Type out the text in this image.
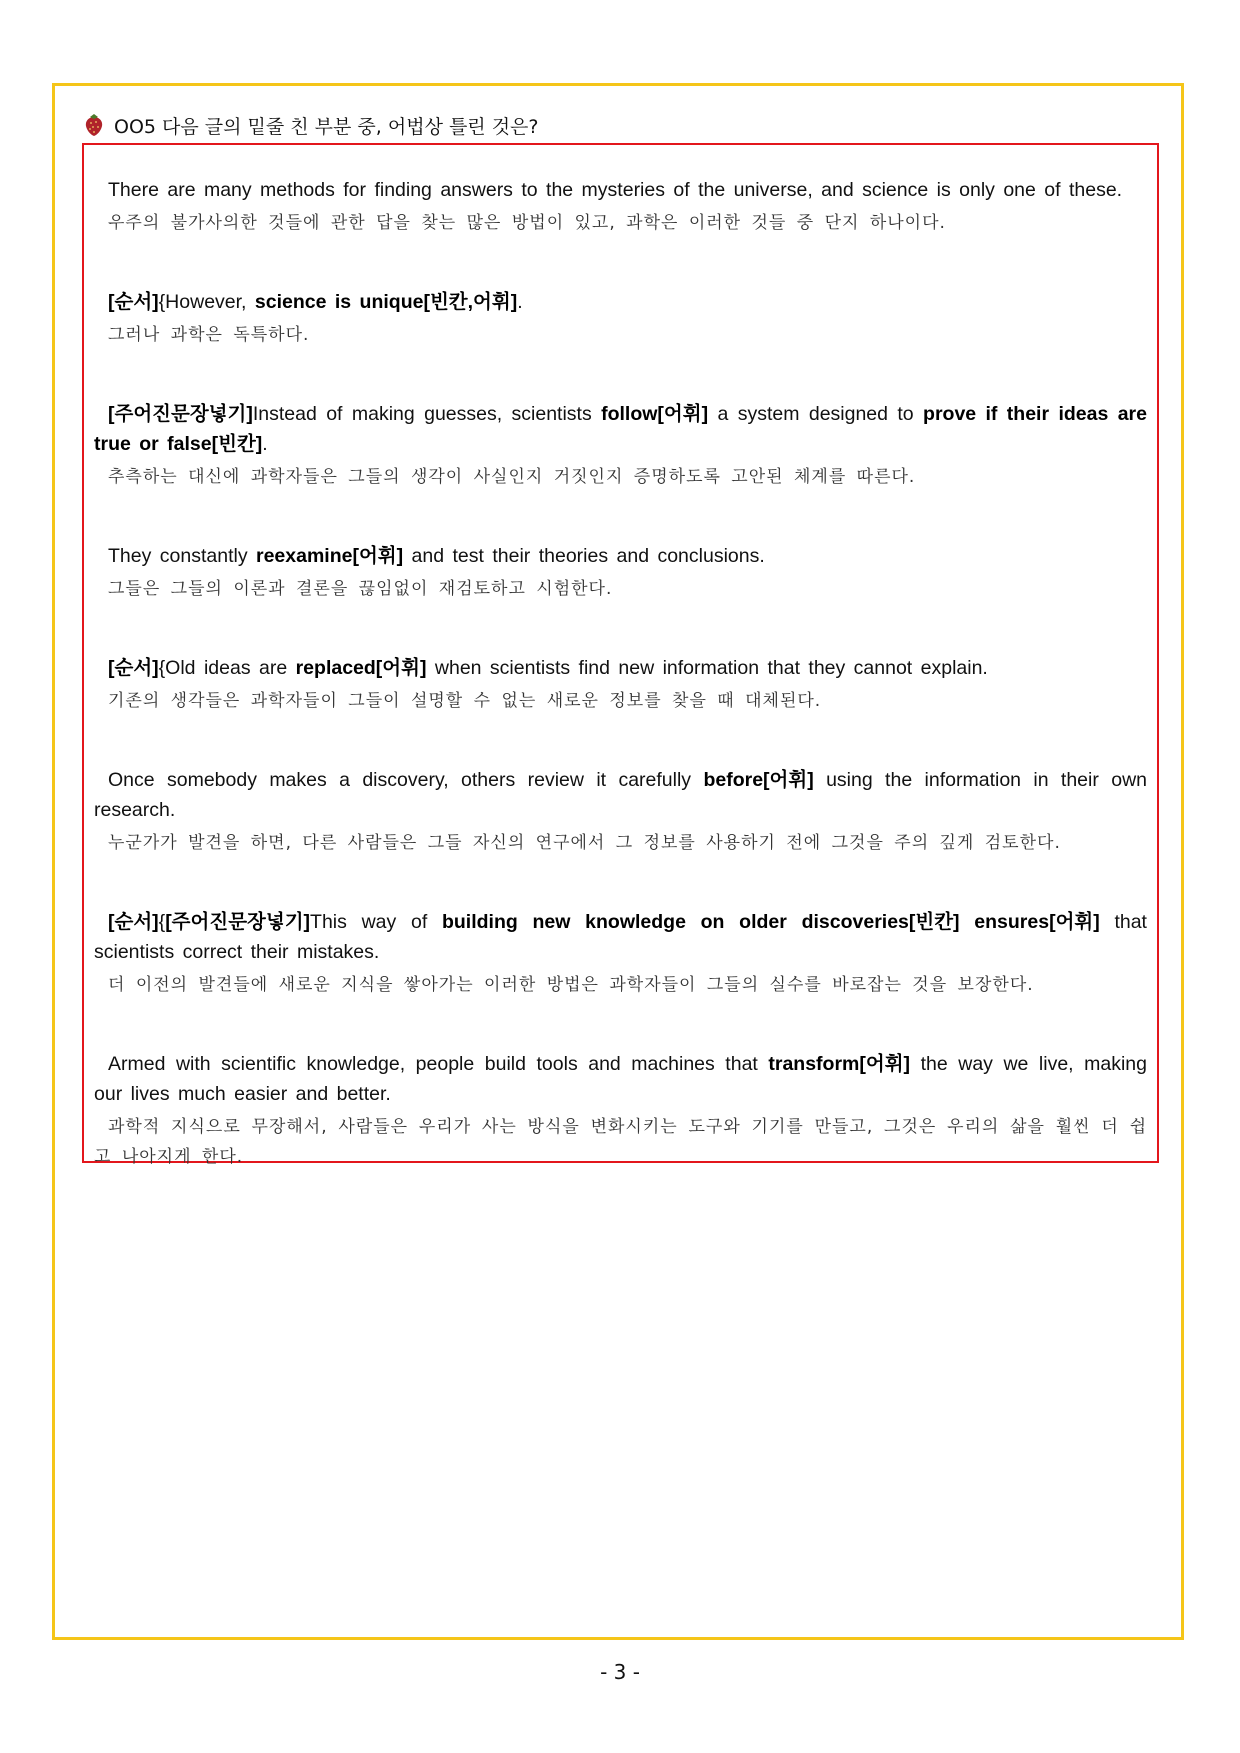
OO5 다음 글의 밑줄 친 부분 중, 어법상 틀린 것은?
There are many methods for finding answers to the mysteries of the universe, and science is only one of these.
우주의 불가사의한 것들에 관한 답을 찾는 많은 방법이 있고, 과학은 이러한 것들 중 단지 하나이다.
[순서]{However, science is unique[빈칸,어휘].
그러나 과학은 독특하다.
[주어진문장넣기]Instead of making guesses, scientists follow[어휘] a system designed to prove if their ideas are true or false[빈칸].
추측하는 대신에 과학자들은 그들의 생각이 사실인지 거짓인지 증명하도록 고안된 체계를 따른다.
They constantly reexamine[어휘] and test their theories and conclusions.
그들은 그들의 이론과 결론을 끊임없이 재검토하고 시험한다.
[순서]{Old ideas are replaced[어휘] when scientists find new information that they cannot explain.
기존의 생각들은 과학자들이 그들이 설명할 수 없는 새로운 정보를 찾을 때 대체된다.
Once somebody makes a discovery, others review it carefully before[어휘] using the information in their own research.
누군가가 발견을 하면, 다른 사람들은 그들 자신의 연구에서 그 정보를 사용하기 전에 그것을 주의 깊게 검토한다.
[순서]{[주어진문장넣기]This way of building new knowledge on older discoveries[빈칸] ensures[어휘] that scientists correct their mistakes.
더 이전의 발견들에 새로운 지식을 쌓아가는 이러한 방법은 과학자들이 그들의 실수를 바로잡는 것을 보장한다.
Armed with scientific knowledge, people build tools and machines that transform[어휘] the way we live, making our lives much easier and better.
과학적 지식으로 무장해서, 사람들은 우리가 사는 방식을 변화시키는 도구와 기기를 만들고, 그것은 우리의 삶을 훨씬 더 쉽고 나아지게 한다.
- 3 -
